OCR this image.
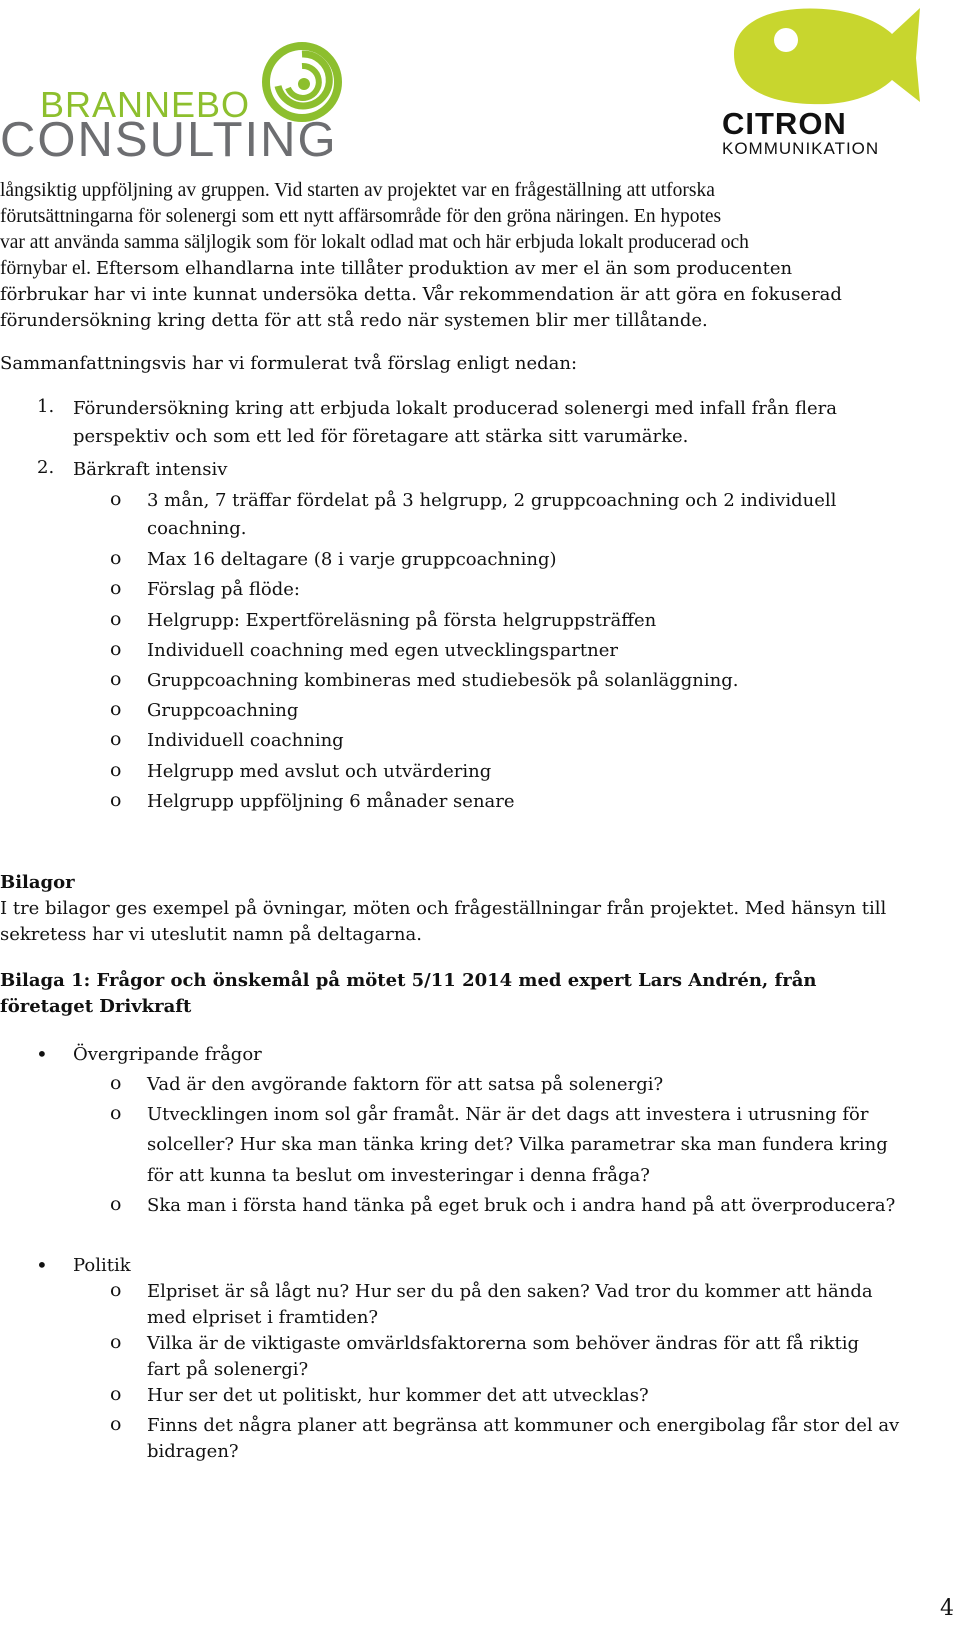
BRANNEBO
CONSULTING	CITRON
KOMMUNIKATION
långsiktig uppföljning av gruppen. Vid starten av projektet var en frågeställning att utforska
förutsättningarna för solenergi som ett nytt affärsområde för den gröna näringen. En hypotes
var att använda samma säljlogik som för lokalt odlad mat och här erbjuda lokalt producerad och
förnybar el. Eftersom elhandlarna inte tillåter produktion av mer el än som producenten
förbrukar har vi inte kunnat undersöka detta. Vår rekommendation är att göra en fokuserad
förundersökning kring detta för att stå redo när systemen blir mer tillåtande.
Sammanfattningsvis har vi formulerat två förslag enligt nedan:
1.	Förundersökning kring att erbjuda lokalt producerad solenergi med infall från flera
perspektiv och som ett led för företagare att stärka sitt varumärke.
2.	Bärkraft intensiv
o 3 mån, 7 träffar fördelat på 3 helgrupp, 2 gruppcoachning och 2 individuell
coachning.
o Max 16 deltagare (8 i varje gruppcoachning)
o Förslag på flöde:
o Helgrupp: Expertföreläsning på första helgruppsträffen
o Individuell coachning med egen utvecklingspartner
o Gruppcoachning kombineras med studiebesök på solanläggning.
o Gruppcoachning
o Individuell coachning
o Helgrupp med avslut och utvärdering
o Helgrupp uppföljning 6 månader senare
Bilagor
I tre bilagor ges exempel på övningar, möten och frågeställningar från projektet. Med hänsyn till
sekretess har vi uteslutit namn på deltagarna.
Bilaga 1: Frågor och önskemål på mötet 5/11 2014 med expert Lars Andrén, från
företaget Drivkraft
• Övergripande frågor
o Vad är den avgörande faktorn för att satsa på solenergi?
o Utvecklingen inom sol går framåt. När är det dags att investera i utrusning för
solceller? Hur ska man tänka kring det? Vilka parametrar ska man fundera kring
för att kunna ta beslut om investeringar i denna fråga?
o Ska man i första hand tänka på eget bruk och i andra hand på att överproducera?
• Politik
o Elpriset är så lågt nu? Hur ser du på den saken? Vad tror du kommer att hända
med elpriset i framtiden?
o Vilka är de viktigaste omvärldsfaktorerna som behöver ändras för att få riktig
fart på solenergi?
o Hur ser det ut politiskt, hur kommer det att utvecklas?
o Finns det några planer att begränsa att kommuner och energibolag får stor del av
bidragen?
4
